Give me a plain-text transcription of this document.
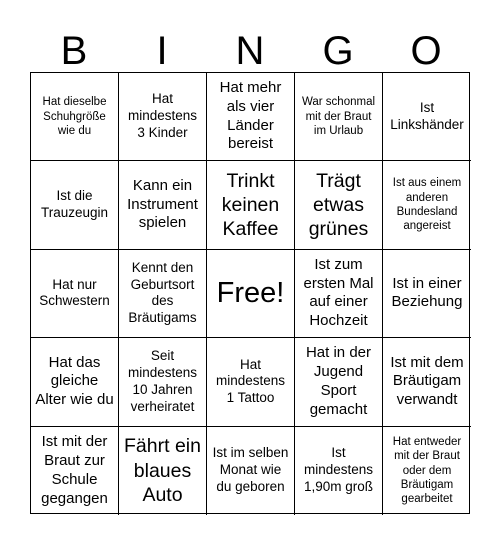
B	I	N	G	O
Hat dieselbe Schuhgröße wie du
Hat mindestens 3 Kinder
Hat mehr als vier Länder bereist
War schonmal mit der Braut im Urlaub
Ist Linkshänder
Ist die Trauzeugin
Kann ein Instrument spielen
Trinkt keinen Kaffee
Trägt etwas grünes
Ist aus einem anderen Bundesland angereist
Hat nur Schwestern
Kennt den Geburtsort des Bräutigams
Free!
Ist zum ersten Mal auf einer Hochzeit
Ist in einer Beziehung
Hat das gleiche Alter wie du
Seit mindestens 10 Jahren verheiratet
Hat mindestens 1 Tattoo
Hat in der Jugend Sport gemacht
Ist mit dem Bräutigam verwandt
Ist mit der Braut zur Schule gegangen
Fährt ein blaues Auto
Ist im selben Monat wie du geboren
Ist mindestens 1,90m groß
Hat entweder mit der Braut oder dem Bräutigam gearbeitet
